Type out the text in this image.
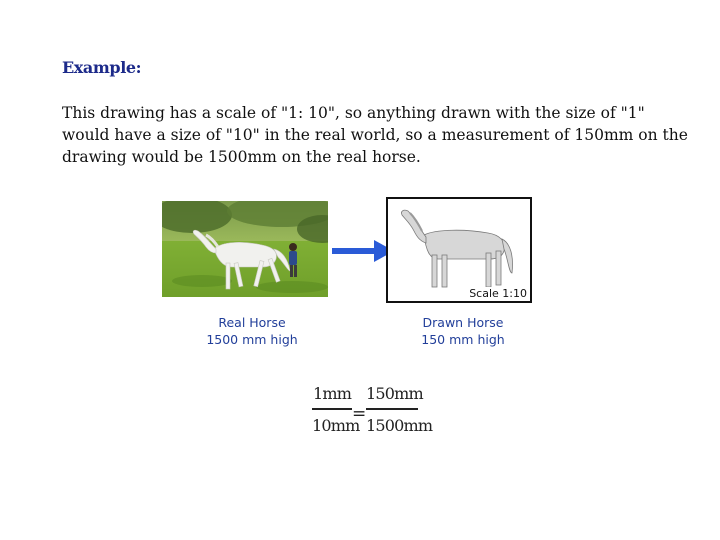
Example:
This drawing has a scale of "1: 10", so anything drawn with the size of "1" would have a size of "10" in the real world, so a measurement of 150mm on the drawing would be 1500mm on the real horse.
Scale 1:10
Real Horse
1500 mm high
Drawn Horse
150 mm high
1mm
10mm
=
150mm
1500mm
